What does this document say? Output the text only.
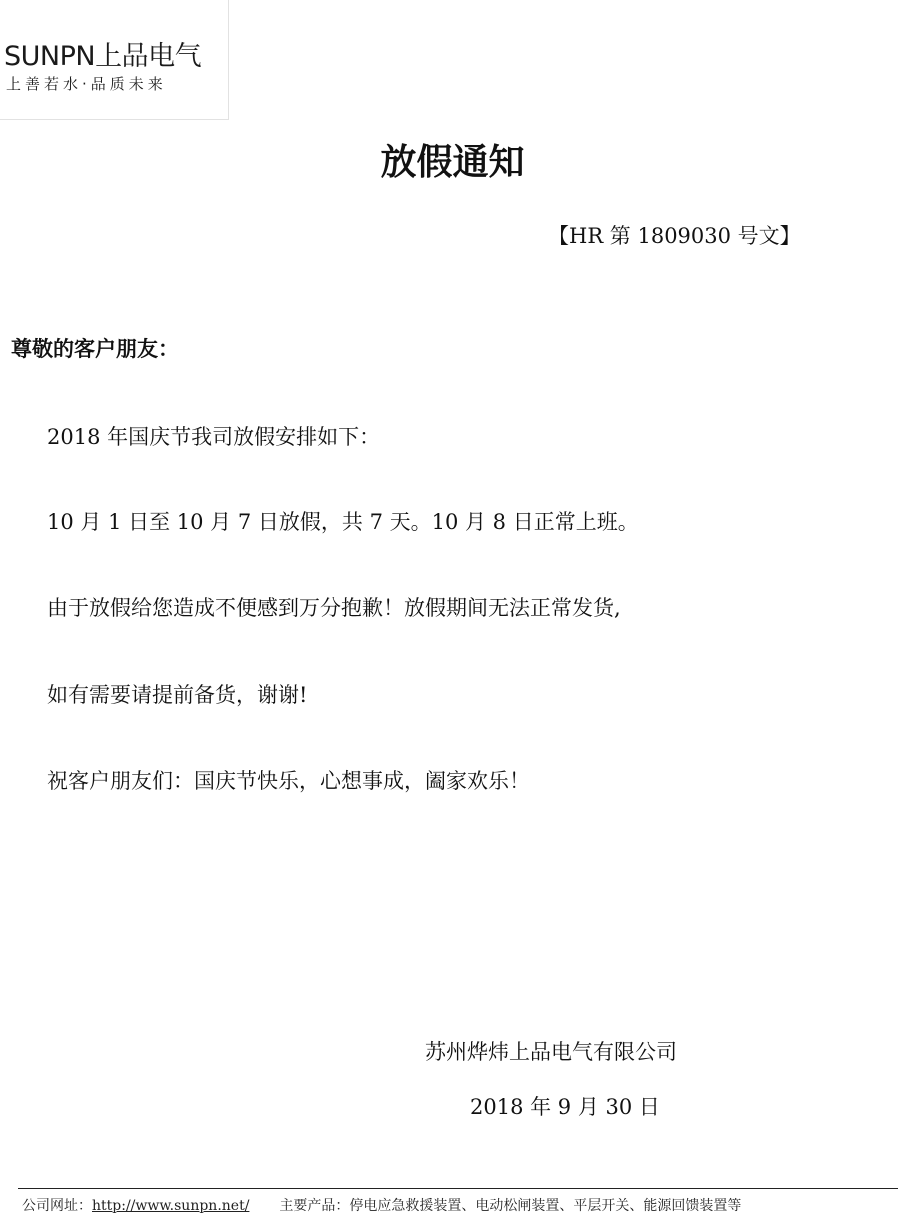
SUNPN上品电气
上善若水·品质未来
放假通知
【HR 第 1809030 号文】
尊敬的客户朋友：
2018 年国庆节我司放假安排如下：
10 月 1 日至 10 月 7 日放假，共 7 天。10 月 8 日正常上班。
由于放假给您造成不便感到万分抱歉！放假期间无法正常发货,
如有需要请提前备货，谢谢!
祝客户朋友们：国庆节快乐，心想事成，阖家欢乐！
苏州烨炜上品电气有限公司
2018 年 9 月 30 日
公司网址：http://www.sunpn.net/ 主要产品：停电应急救援装置、电动松闸装置、平层开关、能源回馈装置等
